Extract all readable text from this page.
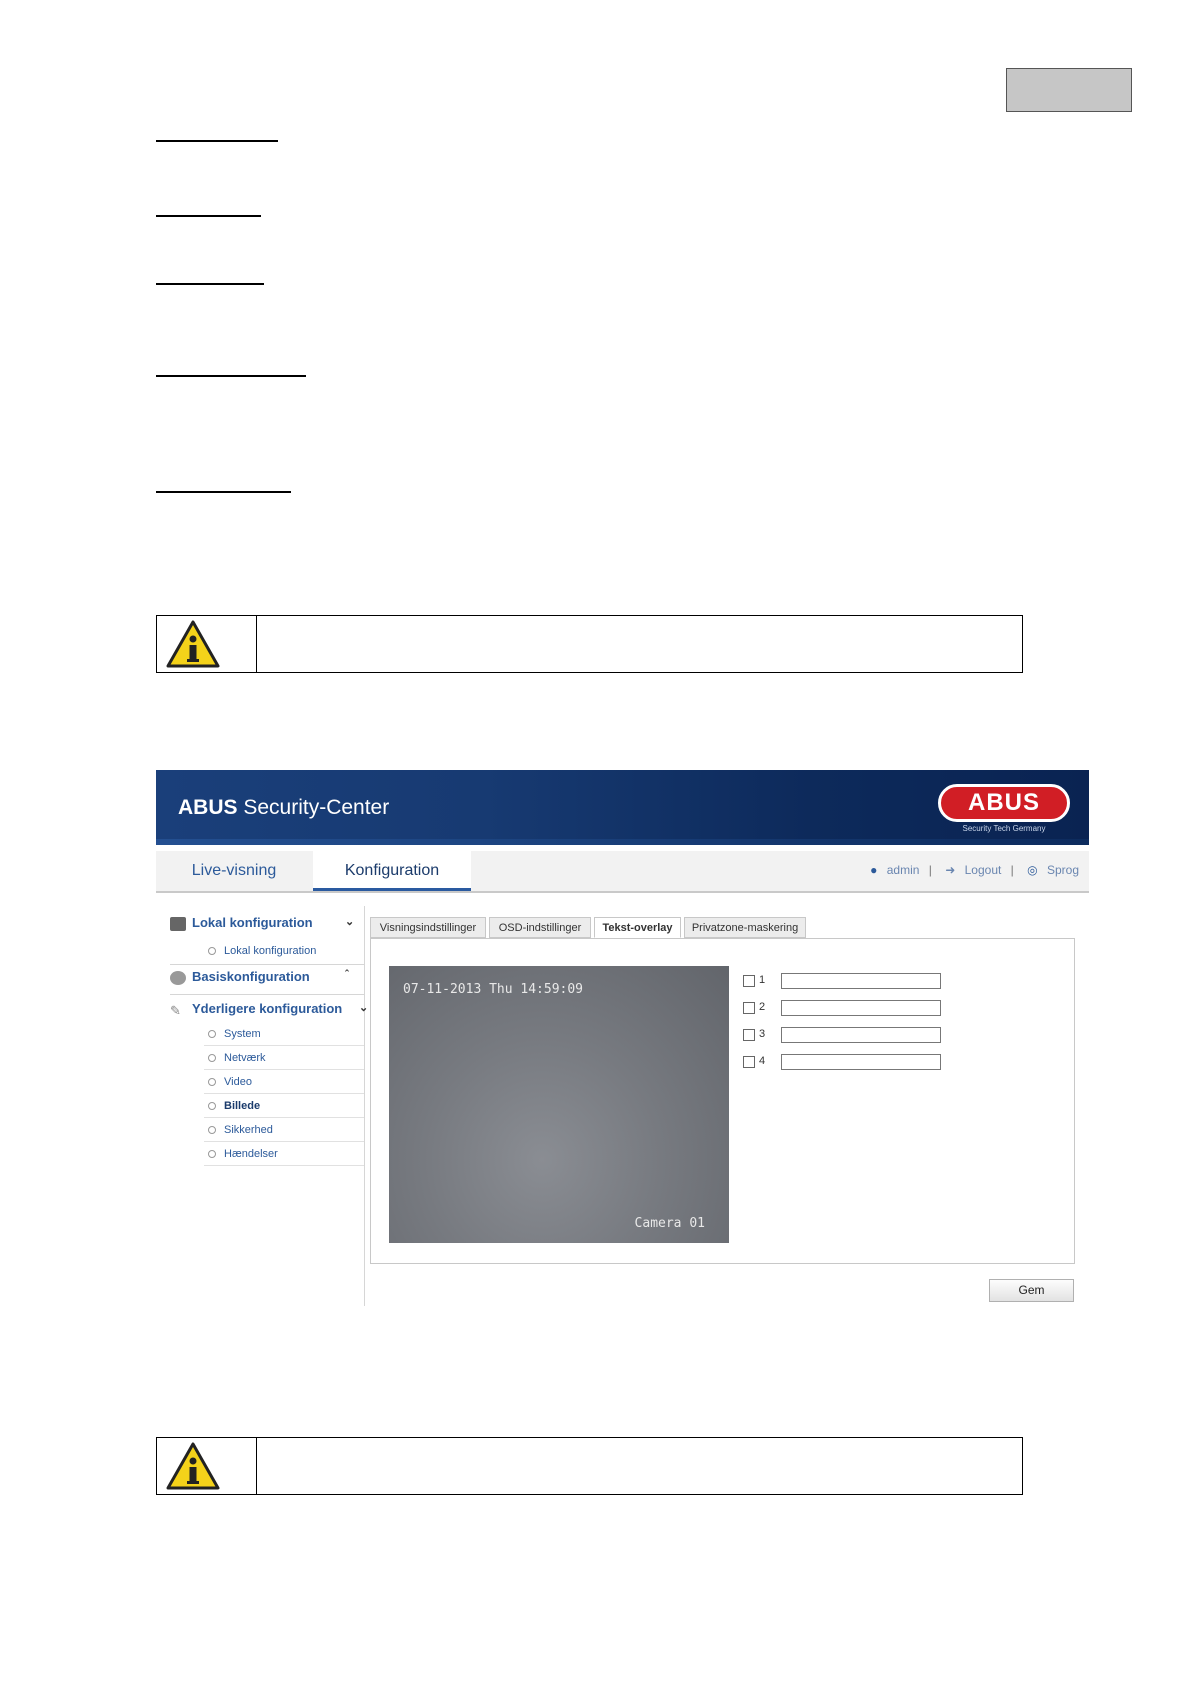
ABUS Security-Center	ABUS
Security Tech Germany
Live-visning	Konfiguration	● admin | ➜ Logout | ◎ Sprog
Lokal konfiguration	⌄
Lokal konfiguration
Basiskonfiguration	ˆ
✎ Yderligere konfiguration ⌄
System
Netværk
Video
Billede
Sikkerhed
Hændelser
Visningsindstillinger	OSD-indstillinger	Tekst-overlay	Privatzone-maskering
07-11-2013 Thu 14:59:09
Camera 01
1
2
3
4
Gem
